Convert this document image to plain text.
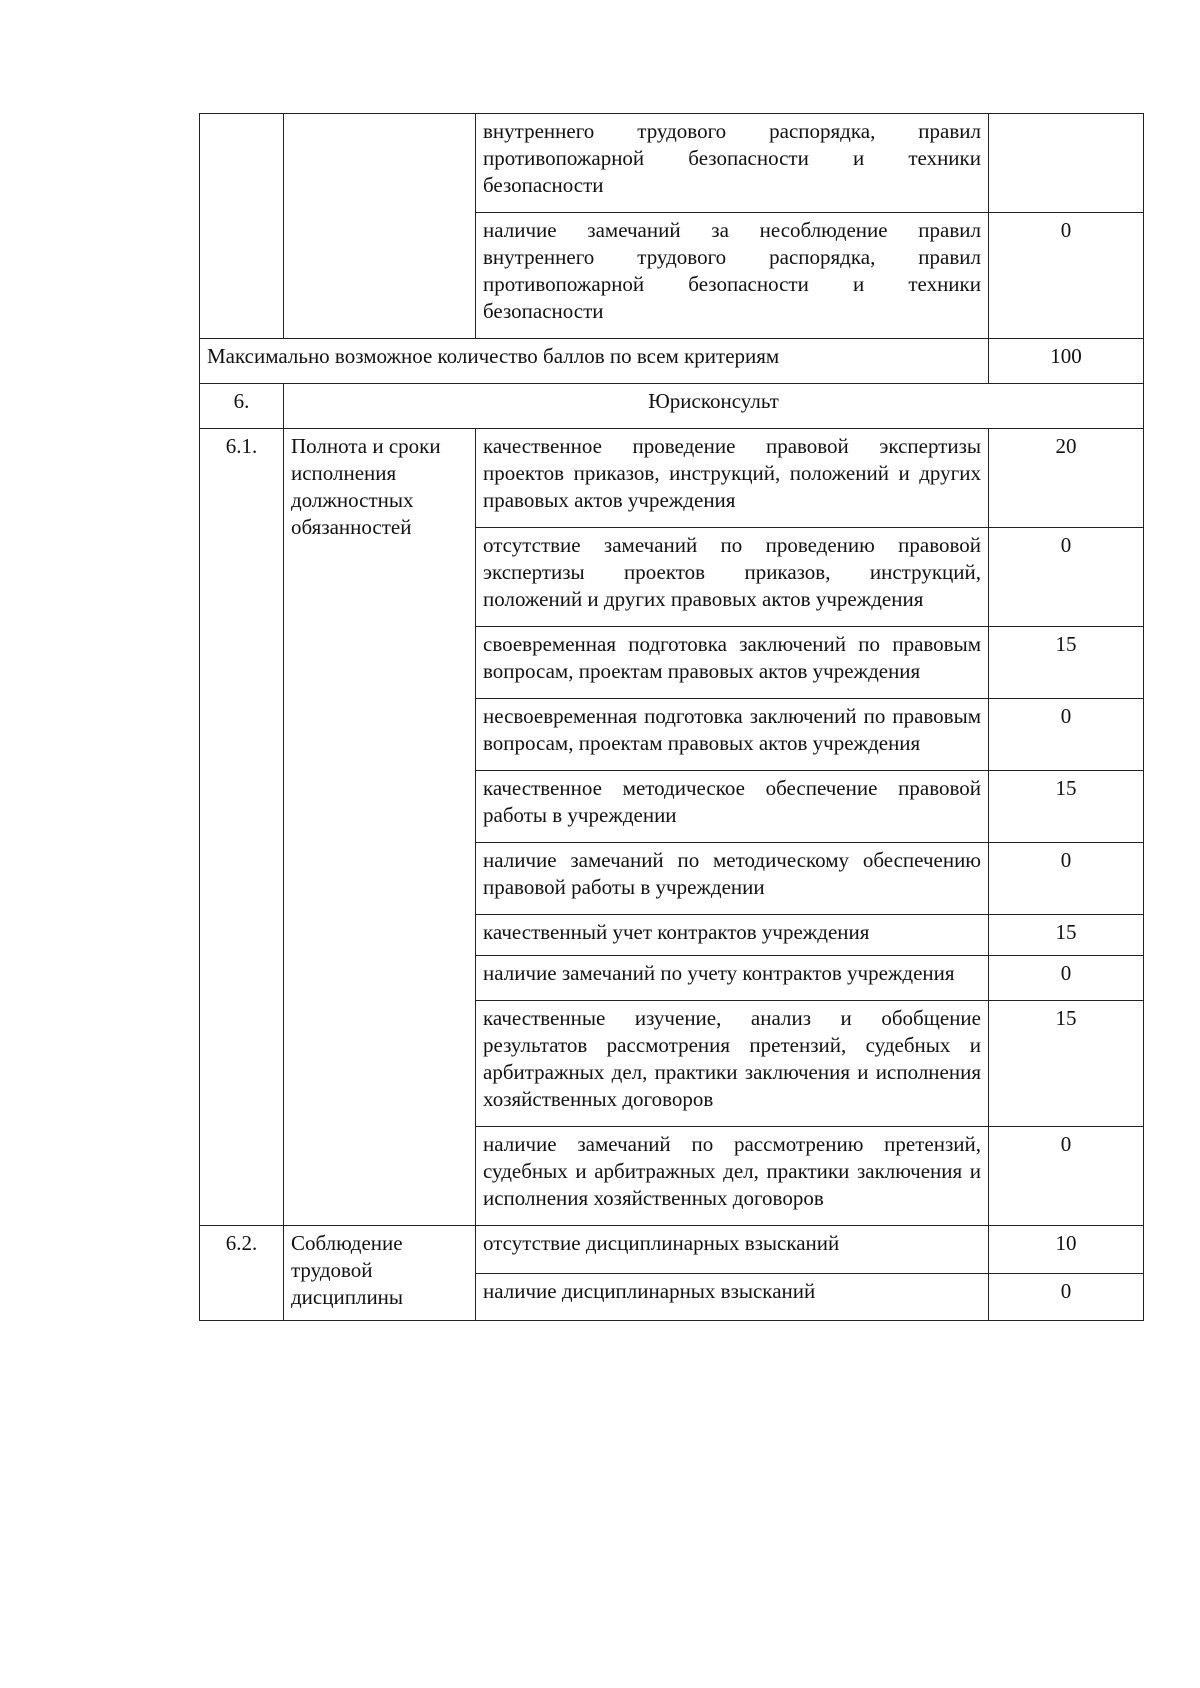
		внутреннего трудового распорядка, правил противопожарной безопасности и техники безопасности	
		наличие замечаний за несоблюдение правил внутреннего трудового распорядка, правил противопожарной безопасности и техники безопасности	0
Максимально возможное количество баллов по всем критериям			100
6.	Юрисконсульт		
6.1.	Полнота и сроки исполнения должностных обязанностей	качественное проведение правовой экспертизы проектов приказов, инструкций, положений и других правовых актов учреждения	20
		отсутствие замечаний по проведению правовой экспертизы проектов приказов, инструкций, положений и других правовых актов учреждения	0
		своевременная подготовка заключений по правовым вопросам, проектам правовых актов учреждения	15
		несвоевременная подготовка заключений по правовым вопросам, проектам правовых актов учреждения	0
		качественное методическое обеспечение правовой работы в учреждении	15
		наличие замечаний по методическому обеспечению правовой работы в учреждении	0
		качественный учет контрактов учреждения	15
		наличие замечаний по учету контрактов учреждения	0
		качественные изучение, анализ и обобщение результатов рассмотрения претензий, судебных и арбитражных дел, практики заключения и исполнения хозяйственных договоров	15
		наличие замечаний по рассмотрению претензий, судебных и арбитражных дел, практики заключения и исполнения хозяйственных договоров	0
6.2.	Соблюдение трудовой дисциплины	отсутствие дисциплинарных взысканий	10
		наличие дисциплинарных взысканий	0
